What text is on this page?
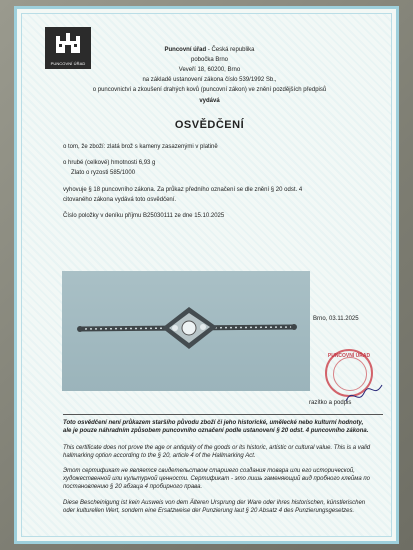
PUNCOVNÍ ÚŘAD
Puncovní úřad - Česká republika
pobočka Brno
Veveří 18, 60200, Brno
na základě ustanovení zákona číslo 539/1992 Sb.,
o puncovnictví a zkoušení drahých kovů (puncovní zákon) ve znění pozdějších předpisů
vydává
OSVĚDČENÍ
o tom, že zboží: zlatá brož s kameny zasazenými v platině
o hrubé (celkové) hmotnosti 6,93 g
Zlato o ryzosti 585/1000
vyhovuje § 18 puncovního zákona. Za průkaz předního označení se dle znění § 20 odst. 4
citovaného zákona vydává toto osvědčení.
Číslo položky v deníku příjmu B25030111 ze dne 15.10.2025
Brno, 03.11.2025
PUNCOVNÍ ÚŘAD
razítko a podpis
Toto osvědčení není průkazem staršího původu zboží či jeho historické, umělecké nebo kulturní hodnoty, ale je pouze náhradním způsobem puncovního označení podle ustanovení § 20 odst. 4 puncovního zákona.
This certificate does not prove the age or antiquity of the goods or its historic, artistic or cultural value. This is a valid hallmarking option according to the § 20, article 4 of the Hallmarking Act.
Этот сертификат не является свидетельством старшего создания товара или его исторической, художественной или культурной ценности. Сертификат - это лишь заменяющий вид пробного клейма по постановлению § 20 абзаца 4 пробирного права.
Diese Bescheinigung ist kein Ausweis von dem Älteren Ursprung der Ware oder ihres historischen, künstlerischen oder kulturellen Wert, sondern eine Ersatzweise der Punzierung laut § 20 Absatz 4 des Punzierungsgesetzes.
